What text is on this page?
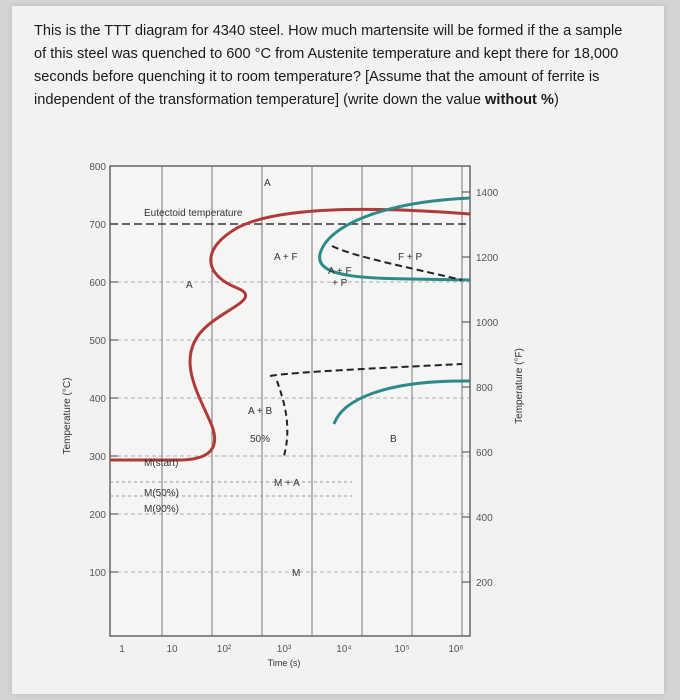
This is the TTT diagram for 4340 steel. How much martensite will be formed if the a sample of this steel was quenched to 600 °C from Austenite temperature and kept there for 18,000 seconds before quenching it to room temperature? [Assume that the amount of ferrite is independent of the transformation temperature] (write down the value without %)

800
700
600
500
400
300
200
100
Temperature (°C)
1400
1200
1000
800
600
400
200
Temperature (°F)
1	10	10²	10³	10⁴	10⁵	10⁶
Time (s)
Eutectoid temperature
A
A
A + F
A + F
+ P
F + P
A + B
50%	B
M(start)
M(50%)
M(90%)
M + A
M
